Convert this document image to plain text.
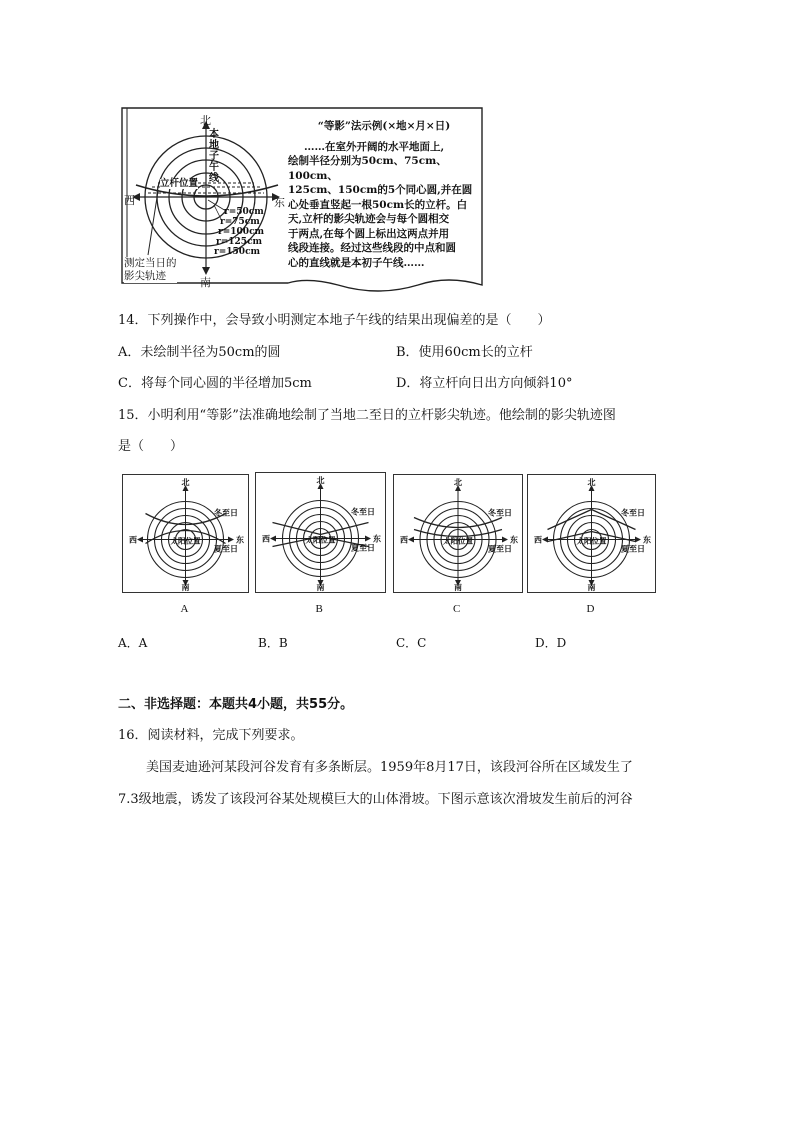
北
南
东
西
本
地
子
午
线
立杆位置
r=50cm
r=75cm
r=100cm
r=125cm
r=150cm
测定当日的
影尖轨迹
“等影”法示例(×地×月×日)
……在室外开阔的水平地面上,
绘制半径分别为50cm、75cm、100cm、
125cm、150cm的5个同心圆,并在圆
心处垂直竖起一根50cm长的立杆。白
天,立杆的影尖轨迹会与每个圆相交
于两点,在每个圆上标出这两点并用
线段连接。经过这些线段的中点和圆
心的直线就是本初子午线……
14．下列操作中，会导致小明测定本地子午线的结果出现偏差的是（　　）
A．未绘制半径为50cm的圆	B．使用60cm长的立杆
C．将每个同心圆的半径增加5cm	D．将立杆向日出方向倾斜10°
15．小明利用“等影”法准确地绘制了当地二至日的立杆影尖轨迹。他绘制的影尖轨迹图
是（　　）
北
南
西	东
冬至日
夏至日
太阳位置
A
北
南
西	东
冬至日
夏至日
太阳位置
B
北
南
西	东
冬至日
夏至日
太阳位置
C
北
南
西	东
冬至日
夏至日
太阳位置
D
A．A	B．B	C．C	D．D
二、非选择题：本题共4小题，共55分。
16．阅读材料，完成下列要求。
美国麦迪逊河某段河谷发育有多条断层。1959年8月17日，该段河谷所在区域发生了
7.3级地震，诱发了该段河谷某处规模巨大的山体滑坡。下图示意该次滑坡发生前后的河谷
